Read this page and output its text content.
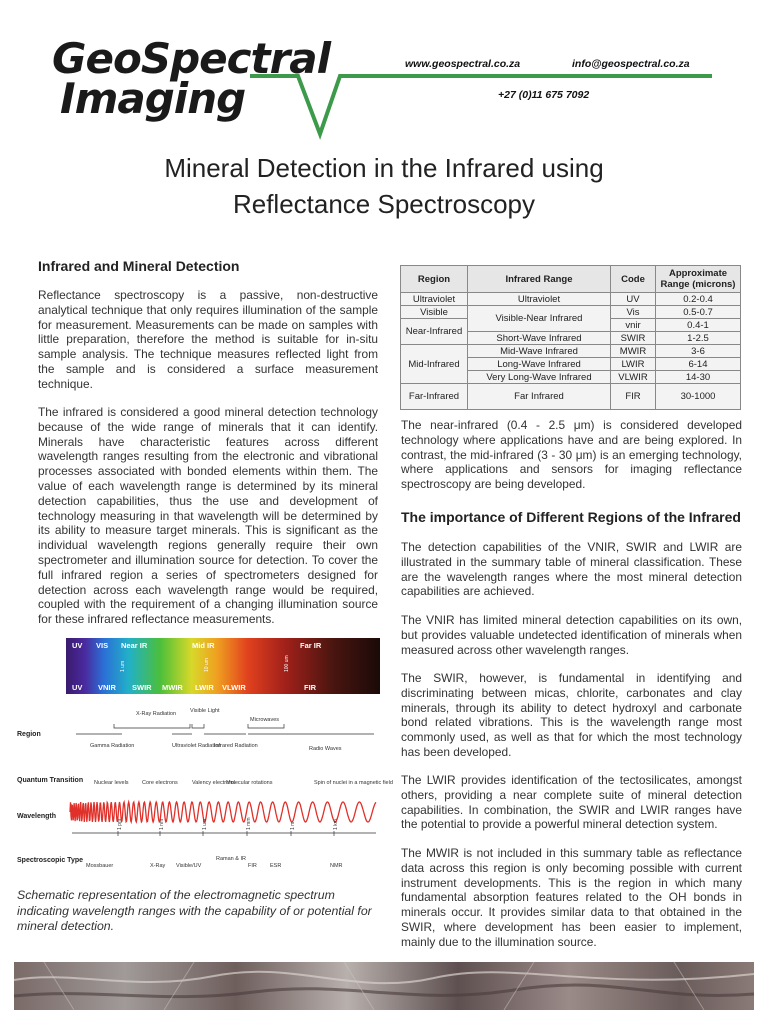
GeoSpectral
Imaging
www.geospectral.co.za	info@geospectral.co.za
+27 (0)11 675 7092
Mineral Detection in the Infrared using
Reflectance Spectroscopy
Infrared and Mineral Detection

Reflectance spectroscopy is a passive, non-destructive analytical technique that only requires illumination of the sample for measurement. Measurements can be made on samples with little preparation, therefore the method is suitable for in-situ sample analysis. The technique measures reflected light from the sample and is considered a surface measurement technique.

The infrared is considered a good mineral detection technology because of the wide range of minerals that it can identify. Minerals have characteristic features across different wavelength ranges resulting from the electronic and vibrational processes associated with bonded elements within them. The value of each wavelength range is determined by its mineral detection capabilities, thus the use and development of technology measuring in that wavelength will be determined by its ability to measure target minerals. This is significant as the individual wavelength regions generally require their own spectrometer and illumination source for detection. To cover the full infrared region a series of spectrometers designed for detection across each wavelength range would be required, coupled with the requirement of a changing illumination source for these infrared reflectance measurements.

UV VIS Near IR	Mid IR	Far IR
UV VNIR SWIR MWIR LWIR VLWIR	FIR
1 um	10 um	100 um
Region
Quantum Transition
Wavelength
Spectroscopic Type
X-Ray Radiation	Visible Light
Microwaves
Gamma Radiation	Ultraviolet Radiation
Infrared Radiation	Radio Waves
Nuclear levels Core electrons	Valency electrons
Molecular rotations	Spin of nuclei in a magnetic field
1 pm	1 nm	1 um	1 mm	1 m	1 km
Mossbauer	X-Ray Visible/UV
Raman & IR
FIR ESR	NMR

Schematic representation of the electromagnetic spectrum indicating wavelength ranges with the capability of or potential for mineral detection.

Region	Infrared Range	Code	Approximate Range (microns)
Ultraviolet	Ultraviolet	UV	0.2-0.4
Visible	Visible-Near Infrared	Vis	0.5-0.7
Near-Infrared		vnir	0.4-1
	Short-Wave Infrared	SWIR	1-2.5
Mid-Infrared	Mid-Wave Infrared	MWIR	3-6
	Long-Wave Infrared	LWIR	6-14
	Very Long-Wave Infrared	VLWIR	14-30
Far-Infrared	Far Infrared	FIR	30-1000

The near-infrared (0.4 - 2.5 μm) is considered developed technology where applications have and are being explored. In contrast, the mid-infrared (3 - 30 μm) is an emerging technology, where applications and sensors for imaging reflectance spectroscopy are being developed.

The importance of Different Regions of the Infrared

The detection capabilities of the VNIR, SWIR and LWIR are illustrated in the summary table of mineral classification. These are the wavelength ranges where the most mineral detection capabilities are achieved.

The VNIR has limited mineral detection capabilities on its own, but provides valuable undetected identification of minerals when measured across other wavelength ranges.

The SWIR, however, is fundamental in identifying and discriminating between micas, chlorite, carbonates and clay minerals, through its ability to detect hydroxyl and carbonate bond related vibrations. This is the wavelength range most commonly used, as well as that for which the most technology has been developed.

The LWIR provides identification of the tectosilicates, amongst others, providing a near complete suite of mineral detection capabilities. In combination, the SWIR and LWIR ranges have the potential to provide a powerful mineral detection system.

The MWIR is not included in this summary table as reflectance data across this region is only becoming possible with current instrument developments. This is the region in which many fundamental absorption features related to the OH bonds in minerals occur. It provides similar data to that obtained in the SWIR, where development has been easier to implement, mainly due to the illumination source.
